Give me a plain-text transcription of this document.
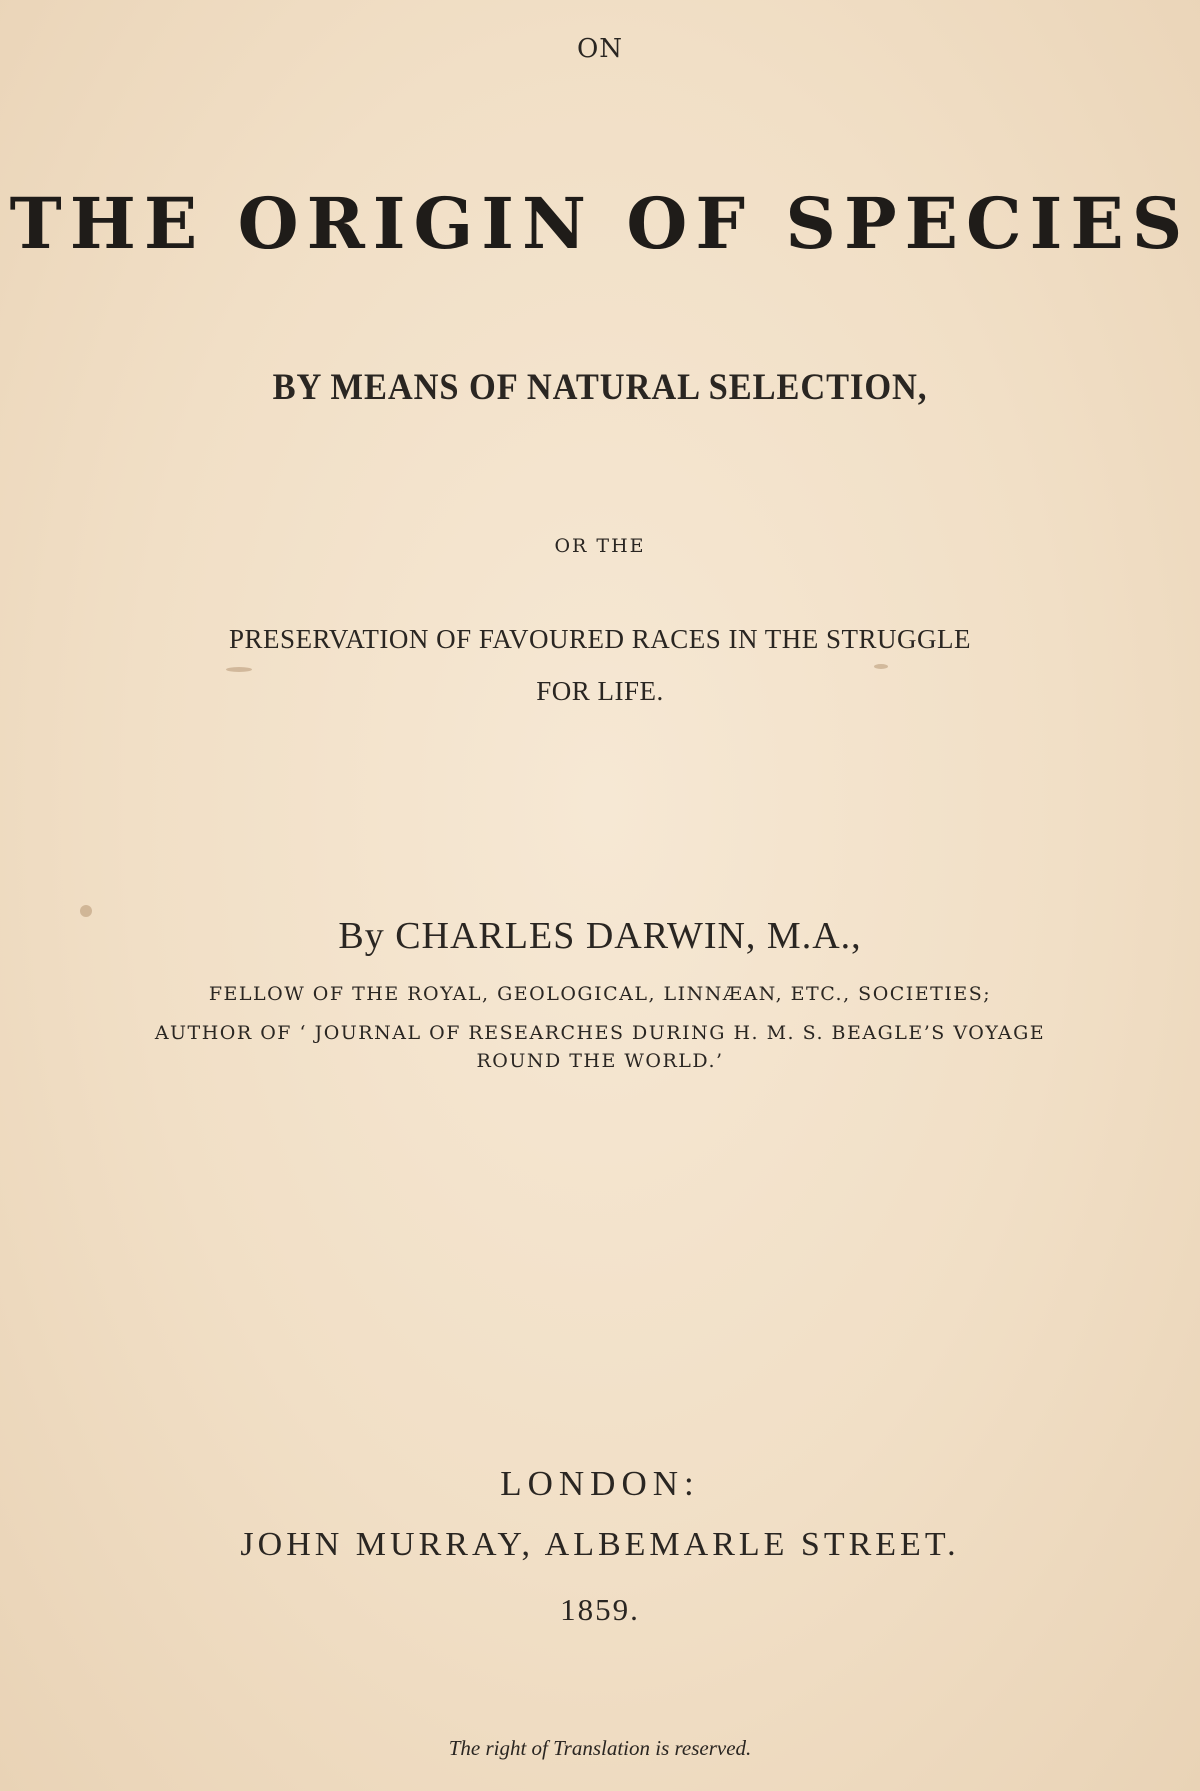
ON

THE ORIGIN OF SPECIES

BY MEANS OF NATURAL SELECTION,

OR THE

PRESERVATION OF FAVOURED RACES IN THE STRUGGLE

FOR LIFE.

By CHARLES DARWIN, M.A.,

FELLOW OF THE ROYAL, GEOLOGICAL, LINNÆAN, ETC., SOCIETIES;

AUTHOR OF ‘ JOURNAL OF RESEARCHES DURING H. M. S. BEAGLE’S VOYAGE

ROUND THE WORLD.’

LONDON:

JOHN MURRAY, ALBEMARLE STREET.

1859.

The right of Translation is reserved.
